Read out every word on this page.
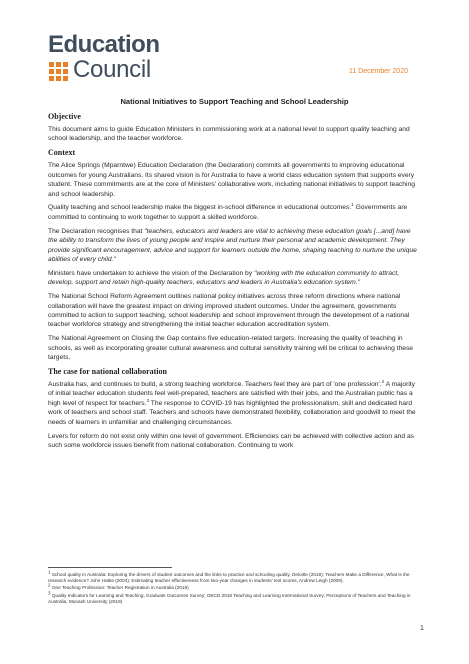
Education
Council	11 December 2020
National Initiatives to Support Teaching and School Leadership
Objective

This document aims to guide Education Ministers in commissioning work at a national level to support quality teaching and school leadership, and the teacher workforce.

Context

The Alice Springs (Mparntwe) Education Declaration (the Declaration) commits all governments to improving educational outcomes for young Australians. Its shared vision is for Australia to have a world class education system that supports every student. These commitments are at the core of Ministers' collaborative work, including national initiatives to support teaching and school leadership.

Quality teaching and school leadership make the biggest in-school difference in educational outcomes.$^1$ Governments are committed to continuing to work together to support a skilled workforce.

The Declaration recognises that "teachers, educators and leaders are vital to achieving these education goals [...and] have the ability to transform the lives of young people and inspire and nurture their personal and academic development. They provide significant encouragement, advice and support for learners outside the home, shaping teaching to nurture the unique abilities of every child."

Ministers have undertaken to achieve the vision of the Declaration by "working with the education community to attract, develop, support and retain high-quality teachers, educators and leaders in Australia's education system."

The National School Reform Agreement outlines national policy initiatives across three reform directions where national collaboration will have the greatest impact on driving improved student outcomes. Under the agreement, governments committed to action to support teaching, school leadership and school improvement through the development of a national teacher workforce strategy and strengthening the initial teacher education accreditation system.

The National Agreement on Closing the Gap contains five education-related targets. Increasing the quality of teaching in schools, as well as incorporating greater cultural awareness and cultural sensitivity training will be critical to achieving these targets.

The case for national collaboration

Australia has, and continues to build, a strong teaching workforce. Teachers feel they are part of 'one profession'.$^2$ A majority of initial teacher education students feel well-prepared, teachers are satisfied with their jobs, and the Australian public has a high level of respect for teachers.$^3$ The response to COVID-19 has highlighted the professionalism, skill and dedicated hard work of teachers and school staff. Teachers and schools have demonstrated flexibility, collaboration and goodwill to meet the needs of learners in unfamiliar and challenging circumstances.

Levers for reform do not exist only within one level of government. Efficiencies can be achieved with collective action and as such some workforce issues benefit from national collaboration. Continuing to work

$^1$ School quality in Australia: Exploring the drivers of student outcomes and the links to practice and schooling quality, Deloitte (2019); Teachers Make a Difference, What is the research evidence? John Hattie (2003); Estimating teacher effectiveness from two-year changes in students' test scores, Andrew Leigh (2009).

$^2$ One Teaching Profession: Teacher Registration in Australia (2018)

$^3$ Quality Indicators for Learning and Teaching, Graduate Outcomes Survey; OECD 2018 Teaching and Learning International Survey; Perceptions of Teachers and Teaching in Australia, Monash University (2019)

1
